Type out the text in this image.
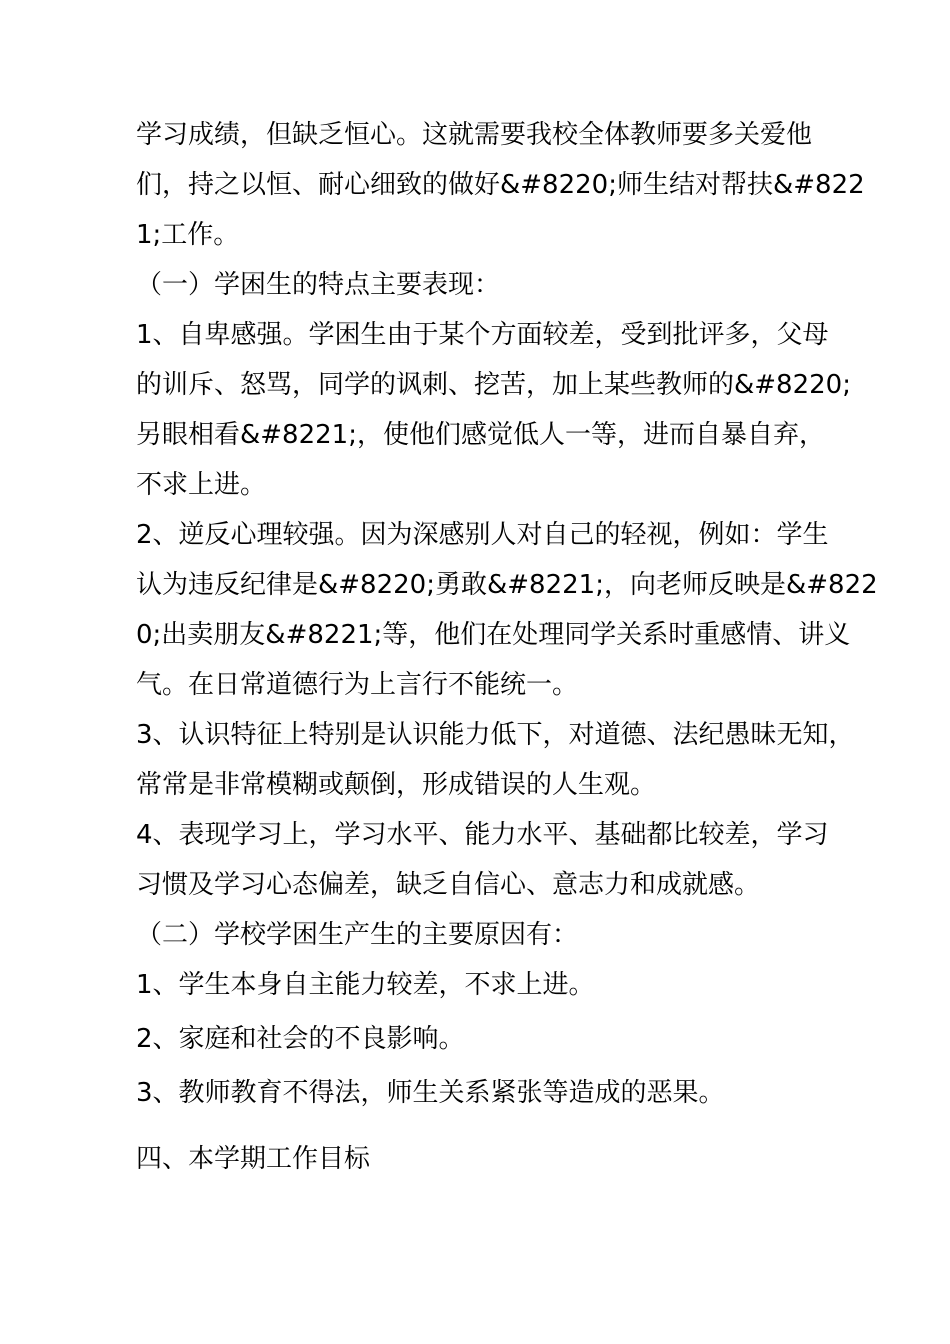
学习成绩，但缺乏恒心。这就需要我校全体教师要多关爱他

们，持之以恒、耐心细致的做好&#8220;师生结对帮扶&#822

1;工作。

（一）学困生的特点主要表现：

1、自卑感强。学困生由于某个方面较差，受到批评多，父母

的训斥、怒骂，同学的讽刺、挖苦，加上某些教师的&#8220;

另眼相看&#8221;，使他们感觉低人一等，进而自暴自弃，

不求上进。

2、逆反心理较强。因为深感别人对自己的轻视，例如：学生

认为违反纪律是&#8220;勇敢&#8221;，向老师反映是&#822

0;出卖朋友&#8221;等，他们在处理同学关系时重感情、讲义

气。在日常道德行为上言行不能统一。

3、认识特征上特别是认识能力低下，对道德、法纪愚昧无知，

常常是非常模糊或颠倒，形成错误的人生观。

4、表现学习上，学习水平、能力水平、基础都比较差，学习

习惯及学习心态偏差，缺乏自信心、意志力和成就感。

（二）学校学困生产生的主要原因有：

1、学生本身自主能力较差，不求上进。

2、家庭和社会的不良影响。

3、教师教育不得法，师生关系紧张等造成的恶果。

四、本学期工作目标
